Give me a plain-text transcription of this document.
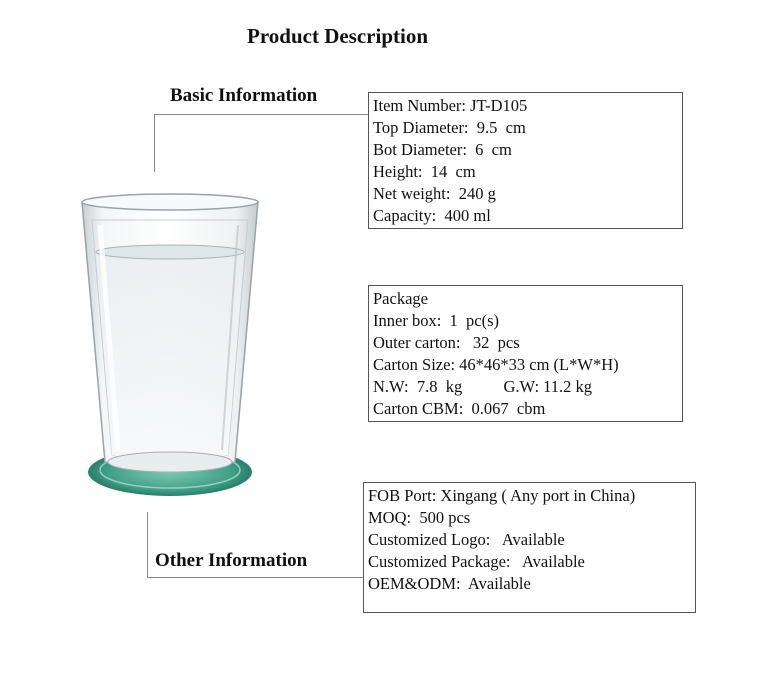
Product Description
Basic Information	Item Number: JT-D105
Top Diameter:  9.5  cm
Bot Diameter:  6  cm
Height:  14  cm
Net weight:  240 g
Capacity:  400 ml
Package
Inner box:  1  pc(s)
Outer carton:   32  pcs
Carton Size: 46*46*33 cm (L*W*H)
N.W:  7.8  kg          G.W: 11.2 kg
Carton CBM:  0.067  cbm
Other Information
FOB Port: Xingang ( Any port in China)
MOQ:  500 pcs
Customized Logo:   Available
Customized Package:   Available
OEM&ODM:  Available
